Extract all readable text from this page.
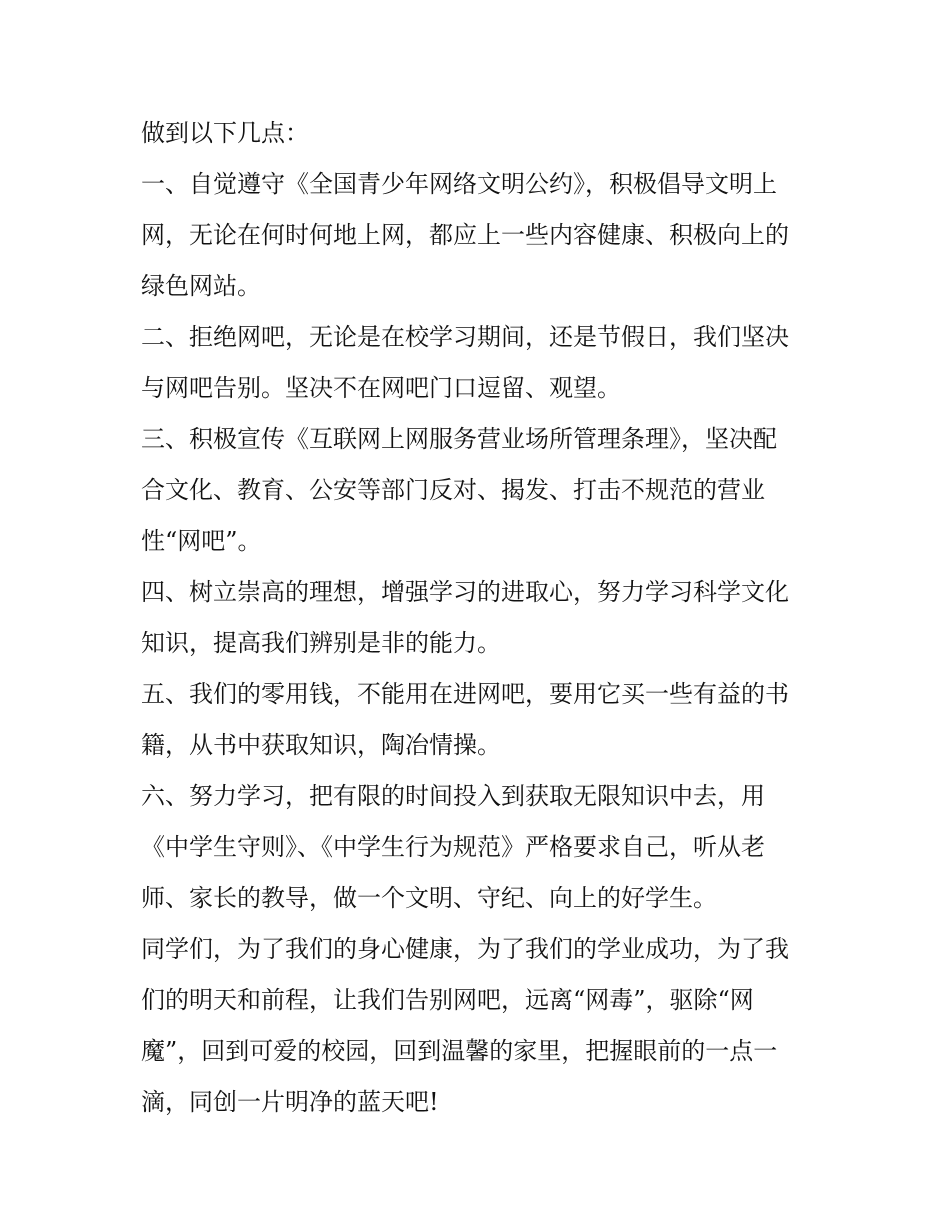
做到以下几点：
一、自觉遵守《全国青少年网络文明公约》，积极倡导文明上
网，无论在何时何地上网，都应上一些内容健康、积极向上的
绿色网站。
二、拒绝网吧，无论是在校学习期间，还是节假日，我们坚决
与网吧告别。坚决不在网吧门口逗留、观望。
三、积极宣传《互联网上网服务营业场所管理条理》，坚决配
合文化、教育、公安等部门反对、揭发、打击不规范的营业
性“网吧”。
四、树立崇高的理想，增强学习的进取心，努力学习科学文化
知识，提高我们辨别是非的能力。
五、我们的零用钱，不能用在进网吧，要用它买一些有益的书
籍，从书中获取知识，陶冶情操。
六、努力学习，把有限的时间投入到获取无限知识中去，用
《中学生守则》、《中学生行为规范》严格要求自己，听从老
师、家长的教导，做一个文明、守纪、向上的好学生。
同学们，为了我们的身心健康，为了我们的学业成功，为了我
们的明天和前程，让我们告别网吧，远离“网毒”，驱除“网
魔”，回到可爱的校园，回到温馨的家里，把握眼前的一点一
滴，同创一片明净的蓝天吧!
